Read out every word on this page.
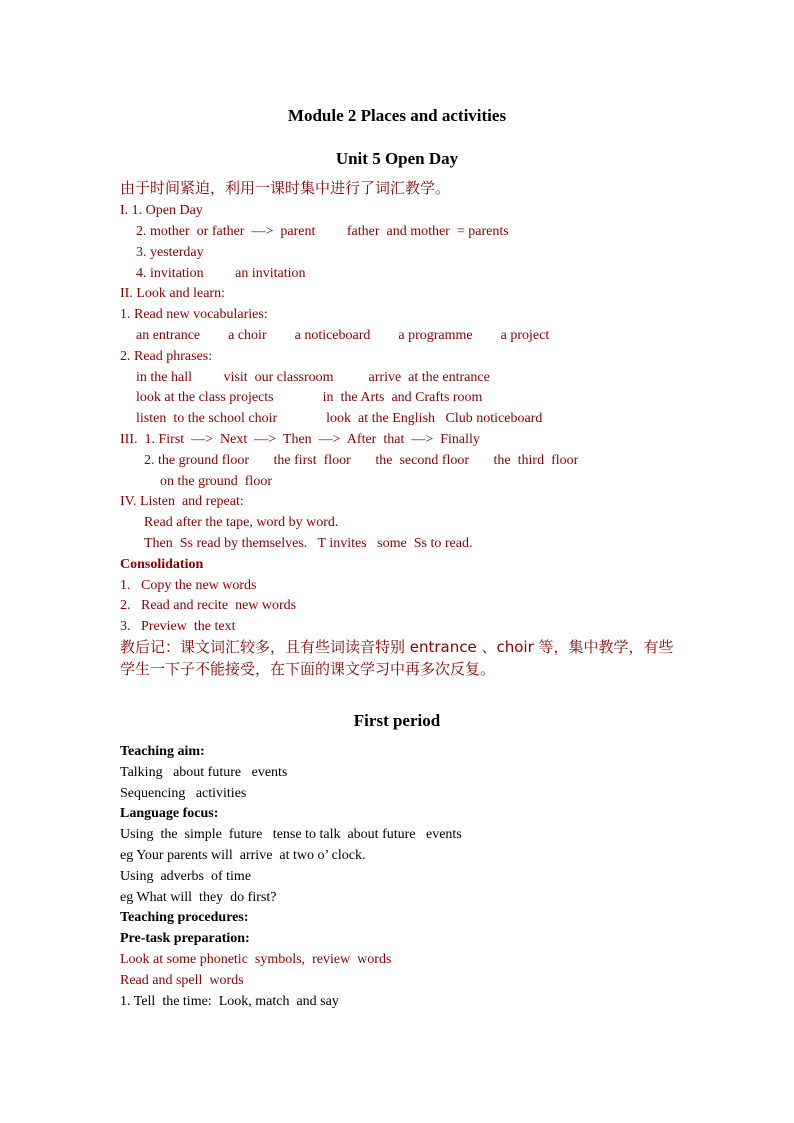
Module 2 Places and activities
Unit 5 Open Day
由于时间紧迫，利用一课时集中进行了词汇教学。
I. 1. Open Day
2. mother  or father  —>  parent         father  and mother  = parents
3. yesterday
4. invitation         an invitation
II. Look and learn:
1. Read new vocabularies:
an entrance        a choir        a noticeboard        a programme        a project
2. Read phrases:
in the hall         visit  our classroom          arrive  at the entrance
look at the class projects              in  the Arts  and Crafts room
listen  to the school choir              look  at the English   Club noticeboard
III.  1. First  —>  Next  —>  Then  —>  After  that  —>  Finally
2. the ground floor       the first  floor       the  second floor       the  third  floor
on the ground  floor
IV. Listen  and repeat:
Read after the tape, word by word.
Then  Ss read by themselves.   T invites   some  Ss to read.
Consolidation
1.   Copy the new words
2.   Read and recite  new words
3.   Preview  the text
教后记：课文词汇较多，且有些词读音特别 entrance 、choir 等，集中教学，有些
学生一下子不能接受，在下面的课文学习中再多次反复。
First period
Teaching aim:
Talking   about future   events
Sequencing   activities
Language focus:
Using  the  simple  future   tense to talk  about future   events
eg Your parents will  arrive  at two o’ clock.
Using  adverbs  of time
eg What will  they  do first?
Teaching procedures:
Pre-task preparation:
Look at some phonetic  symbols,  review  words
Read and spell  words
1. Tell  the time:  Look, match  and say
